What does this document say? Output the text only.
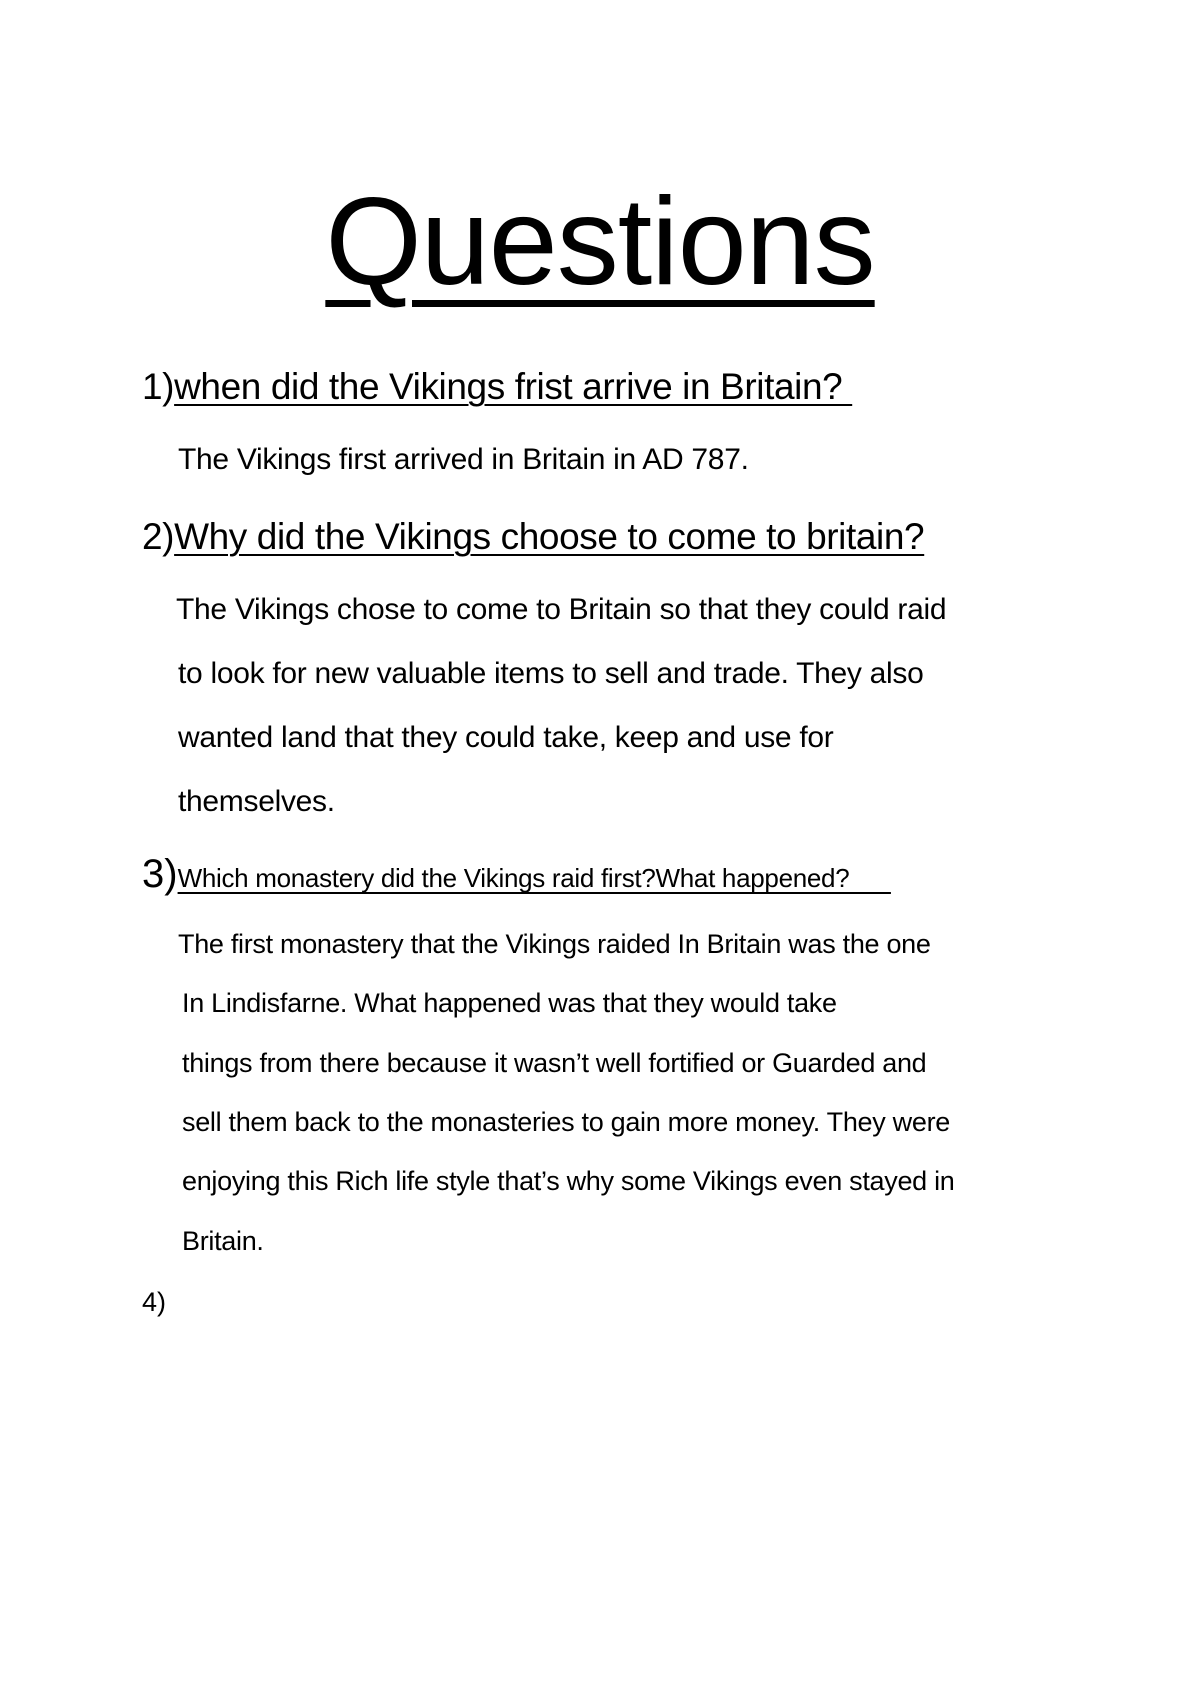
Questions
1)when did the Vikings frist arrive in Britain?
The Vikings first arrived in Britain in AD 787.
2)Why did the Vikings choose to come to britain?
The Vikings chose to come to Britain so that they could raid
to look for new valuable items to sell and trade. They also
wanted land that they could take, keep and use for
themselves.
3)Which monastery did the Vikings raid first?What happened?
The first monastery that the Vikings raided In Britain was the one
In Lindisfarne. What happened was that they would take
things from there because it wasn’t well fortified or Guarded and
sell them back to the monasteries to gain more money. They were
enjoying this Rich life style that’s why some Vikings even stayed in
Britain.
4)
